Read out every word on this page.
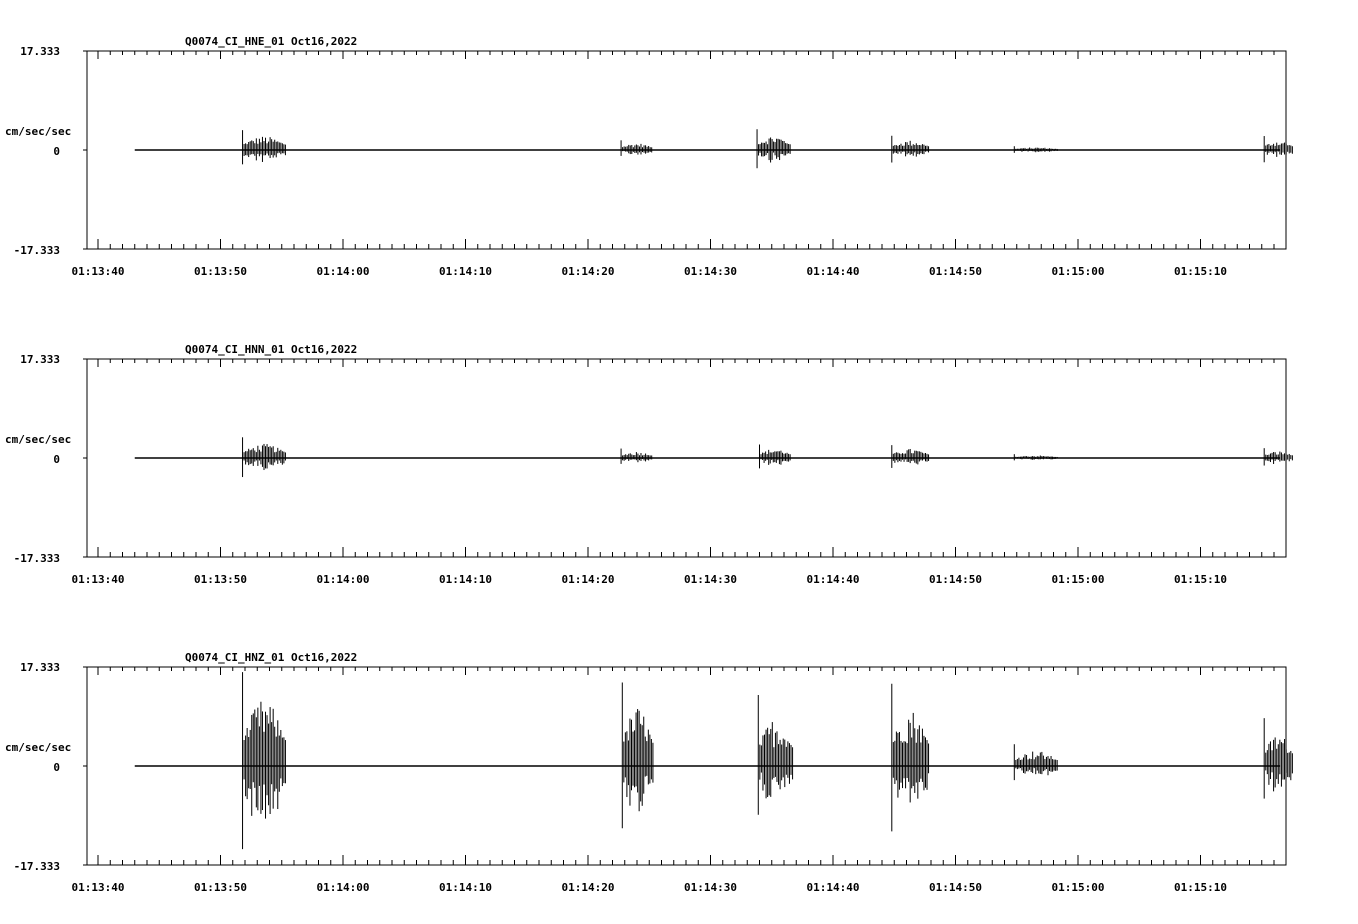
Q0074_CI_HNE_01 Oct16,2022
17.333
0
-17.333
cm/sec/sec
01:13:40	01:13:50	01:14:00	01:14:10	01:14:20	01:14:30	01:14:40	01:14:50	01:15:00	01:15:10
Q0074_CI_HNN_01 Oct16,2022
17.333
0
-17.333
cm/sec/sec
01:13:40	01:13:50	01:14:00	01:14:10	01:14:20	01:14:30	01:14:40	01:14:50	01:15:00	01:15:10
Q0074_CI_HNZ_01 Oct16,2022
17.333
0
-17.333
cm/sec/sec
01:13:40	01:13:50	01:14:00	01:14:10	01:14:20	01:14:30	01:14:40	01:14:50	01:15:00	01:15:10
